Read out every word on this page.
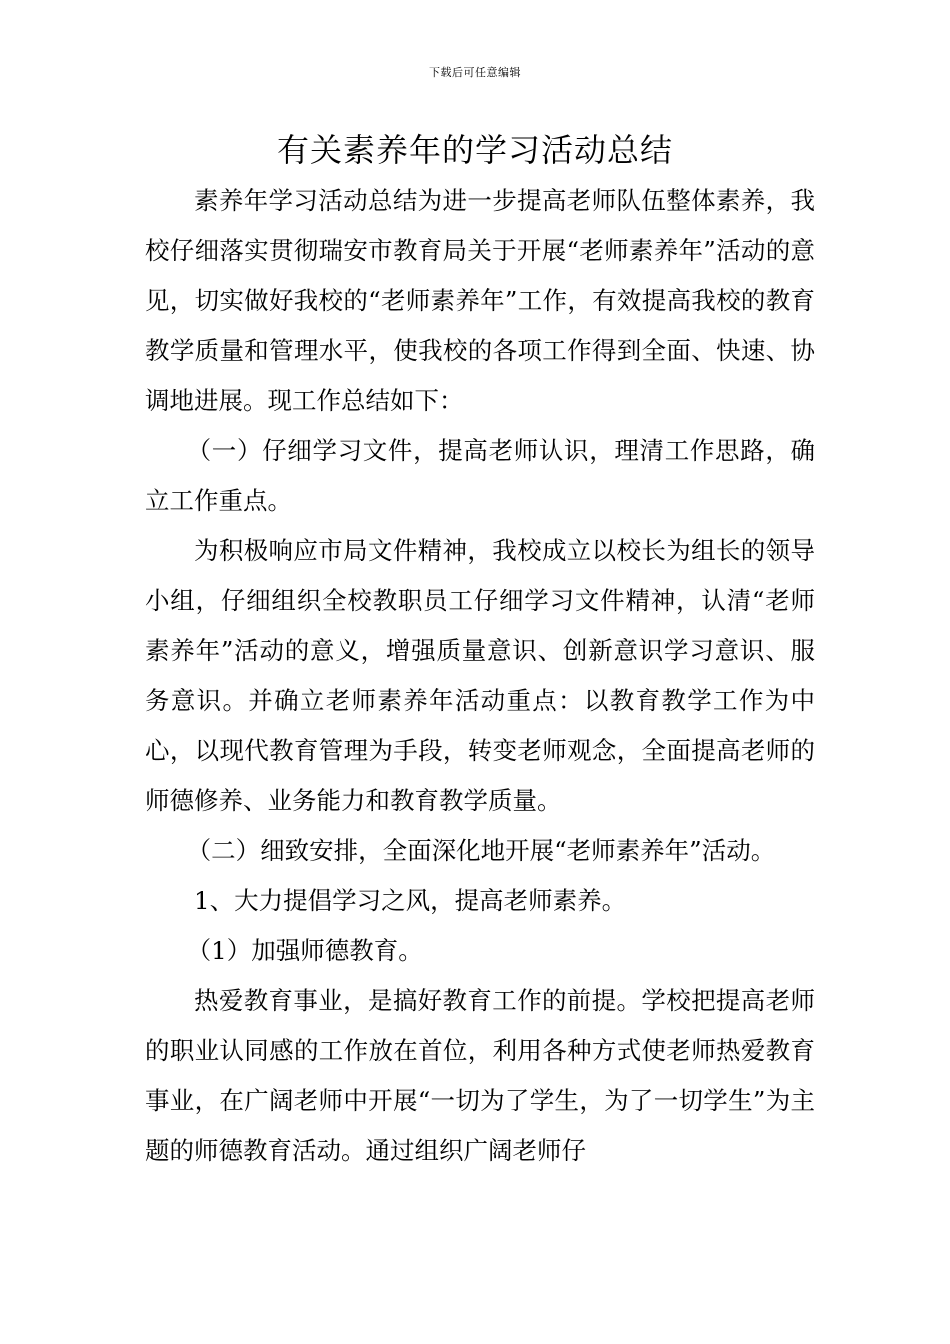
下载后可任意编辑
有关素养年的学习活动总结

素养年学习活动总结为进一步提高老师队伍整体素养，我校仔细落实贯彻瑞安市教育局关于开展“老师素养年”活动的意见，切实做好我校的“老师素养年”工作，有效提高我校的教育教学质量和管理水平，使我校的各项工作得到全面、快速、协调地进展。现工作总结如下：

（一）仔细学习文件，提高老师认识，理清工作思路，确立工作重点。

为积极响应市局文件精神，我校成立以校长为组长的领导小组，仔细组织全校教职员工仔细学习文件精神，认清“老师素养年”活动的意义，增强质量意识、创新意识学习意识、服务意识。并确立老师素养年活动重点：以教育教学工作为中心，以现代教育管理为手段，转变老师观念，全面提高老师的师德修养、业务能力和教育教学质量。

（二）细致安排，全面深化地开展“老师素养年”活动。

1、大力提倡学习之风，提高老师素养。

（1）加强师德教育。

热爱教育事业，是搞好教育工作的前提。学校把提高老师的职业认同感的工作放在首位，利用各种方式使老师热爱教育事业，在广阔老师中开展“一切为了学生，为了一切学生”为主题的师德教育活动。通过组织广阔老师仔
